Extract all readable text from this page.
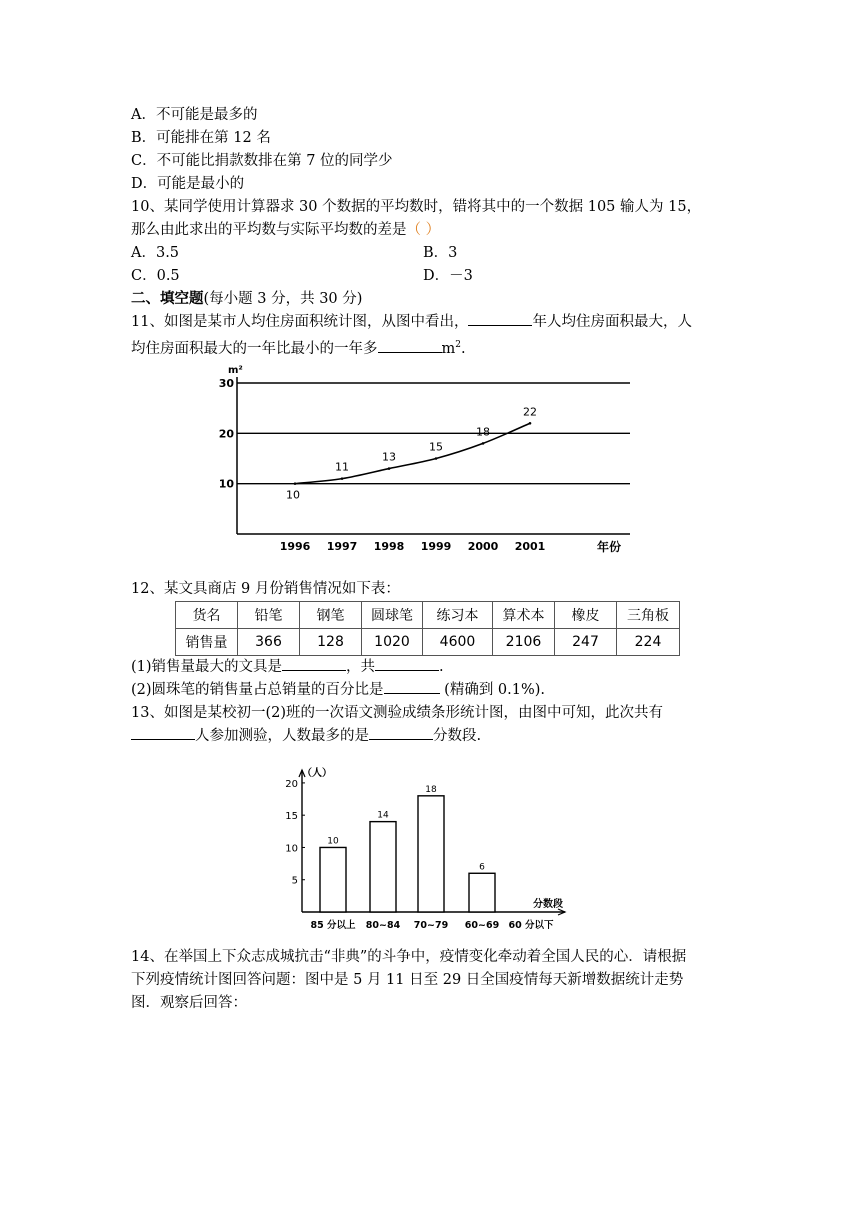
A．不可能是最多的
B．可能排在第 12 名
C．不可能比捐款数排在第 7 位的同学少
D．可能是最小的
10、某同学使用计算器求 30 个数据的平均数时，错将其中的一个数据 105 输人为 15，
那么由此求出的平均数与实际平均数的差是（ ）
A．3.5	B．3
C．0.5	D．－3
二、填空题(每小题 3 分，共 30 分)
11、如图是某市人均住房面积统计图，从图中看出，	年人均住房面积最大，人
均住房面积最大的一年比最小的一年多	$m^2$.
10
20
30
1996 1997 1998 1999 2000 2001
10
11
13
15
18
22
m²
年份
12、某文具商店 9 月份销售情况如下表：
货名	铅笔	钢笔	圆球笔	练习本	算术本	橡皮	三角板
销售量	366	128	1020	4600	2106	247	224
(1)销售量最大的文具是	，共	.
(2)圆珠笔的销售量占总销量的百分比是	(精确到 0.1%).
13、如图是某校初一(2)班的一次语文测验成绩条形统计图，由图中可知，此次共有
人参加测验，人数最多的是	分数段.
5
10
15
20
10
14
18
6
85 分以上 80~84 70~79 60~69 60 分以下
（人）
分数段
14、在举国上下众志成城抗击“非典”的斗争中，疫情变化牵动着全国人民的心．请根据
下列疫情统计图回答问题：图中是 5 月 11 日至 29 日全国疫情每天新增数据统计走势
图．观察后回答：
